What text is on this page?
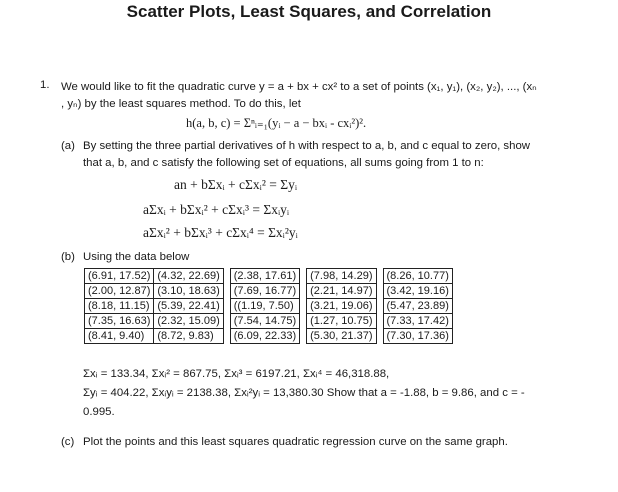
Scatter Plots, Least Squares, and Correlation
1. We would like to fit the quadratic curve y = a + bx + cx² to a set of points (x₁, y₁), (x₂, y₂), ..., (xₙ
, yₙ) by the least squares method. To do this, let
h(a, b, c) = Σⁿᵢ₌₁(yᵢ − a − bxᵢ - cxᵢ²)².
(a) By setting the three partial derivatives of h with respect to a, b, and c equal to zero, show
that a, b, and c satisfy the following set of equations, all sums going from 1 to n:
an + bΣxᵢ + cΣxᵢ² = Σyᵢ
aΣxᵢ + bΣxᵢ² + cΣxᵢ³ = Σxᵢyᵢ
aΣxᵢ² + bΣxᵢ³ + cΣxᵢ⁴ = Σxᵢ²yᵢ
(b) Using the data below
(6.91, 17.52)	(4.32, 22.69)		(2.38, 17.61)		(7.98, 14.29)		(8.26, 10.77)
(2.00, 12.87)	(3.10, 18.63)		(7.69, 16.77)		(2.21, 14.97)		(3.42, 19.16)
(8.18, 11.15)	(5.39, 22.41)		((1.19, 7.50)		(3.21, 19.06)		(5.47, 23.89)
(7.35, 16.63)	(2.32, 15.09)		(7.54, 14.75)		(1.27, 10.75)		(7.33, 17.42)
(8.41, 9.40)	(8.72, 9.83)		(6.09, 22.33)		(5.30, 21.37)		(7.30, 17.36)
Σxᵢ = 133.34, Σxᵢ² = 867.75, Σxᵢ³ = 6197.21, Σxᵢ⁴ = 46,318.88,
Σyᵢ = 404.22, Σxᵢyᵢ = 2138.38, Σxᵢ²yᵢ = 13,380.30 Show that a = -1.88, b = 9.86, and c = -
0.995.
(c) Plot the points and this least squares quadratic regression curve on the same graph.
